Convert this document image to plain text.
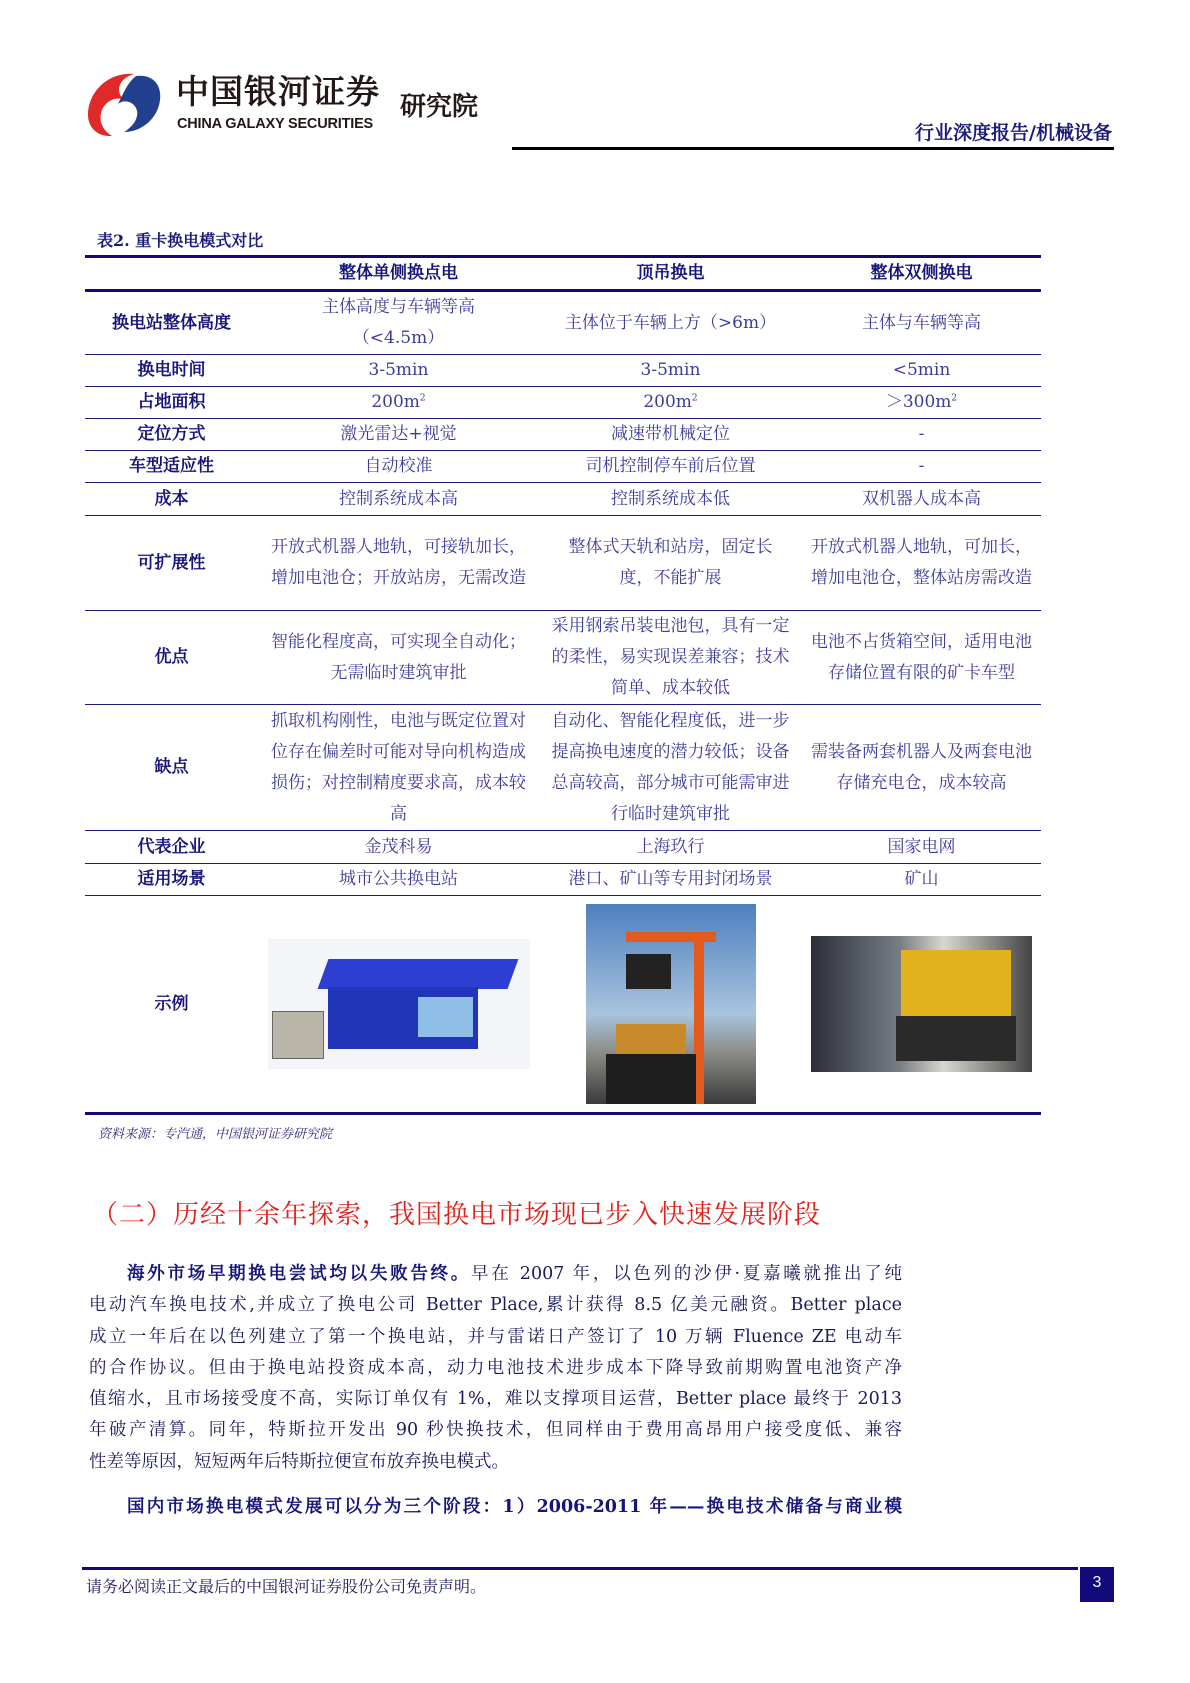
中国银河证券
CHINA GALAXY SECURITIES
研究院
行业深度报告/机械设备
表2. 重卡换电模式对比
	整体单侧换点电	顶吊换电	整体双侧换电
换电站整体高度	主体高度与车辆等高（<4.5m）	主体位于车辆上方（>6m）	主体与车辆等高
换电时间	3-5min	3-5min	<5min
占地面积	$200m^2$	$200m^2$	$>300m^2$
定位方式	激光雷达+视觉	减速带机械定位	-
车型适应性	自动校准	司机控制停车前后位置	-
成本	控制系统成本高	控制系统成本低	双机器人成本高
可扩展性	开放式机器人地轨，可接轨加长，增加电池仓；开放站房，无需改造	整体式天轨和站房，固定长度，不能扩展	开放式机器人地轨，可加长，增加电池仓，整体站房需改造
优点	智能化程度高，可实现全自动化；无需临时建筑审批	采用钢索吊装电池包，具有一定的柔性，易实现误差兼容；技术简单、成本较低	电池不占货箱空间，适用电池存储位置有限的矿卡车型
缺点	抓取机构刚性，电池与既定位置对位存在偏差时可能对导向机构造成损伤；对控制精度要求高，成本较高	自动化、智能化程度低，进一步提高换电速度的潜力较低；设备总高较高，部分城市可能需审进行临时建筑审批	需装备两套机器人及两套电池存储充电仓，成本较高
代表企业	金茂科易	上海玖行	国家电网
适用场景	城市公共换电站	港口、矿山等专用封闭场景	矿山
示例	

资料来源：专汽通，中国银河证券研究院
（二）历经十余年探索，我国换电市场现已步入快速发展阶段
海外市场早期换电尝试均以失败告终。早在 2007 年，以色列的沙伊·夏嘉曦就推出了纯
电动汽车换电技术,并成立了换电公司 Better Place,累计获得 8.5 亿美元融资。Better place
成立一年后在以色列建立了第一个换电站，并与雷诺日产签订了 10 万辆 Fluence ZE 电动车
的合作协议。但由于换电站投资成本高，动力电池技术进步成本下降导致前期购置电池资产净
值缩水，且市场接受度不高，实际订单仅有 1%，难以支撑项目运营，Better place 最终于 2013
年破产清算。同年，特斯拉开发出 90 秒快换技术，但同样由于费用高昂用户接受度低、兼容
性差等原因，短短两年后特斯拉便宣布放弃换电模式。
国内市场换电模式发展可以分为三个阶段：1）2006-2011 年——换电技术储备与商业模
请务必阅读正文最后的中国银河证券股份公司免责声明。	3
